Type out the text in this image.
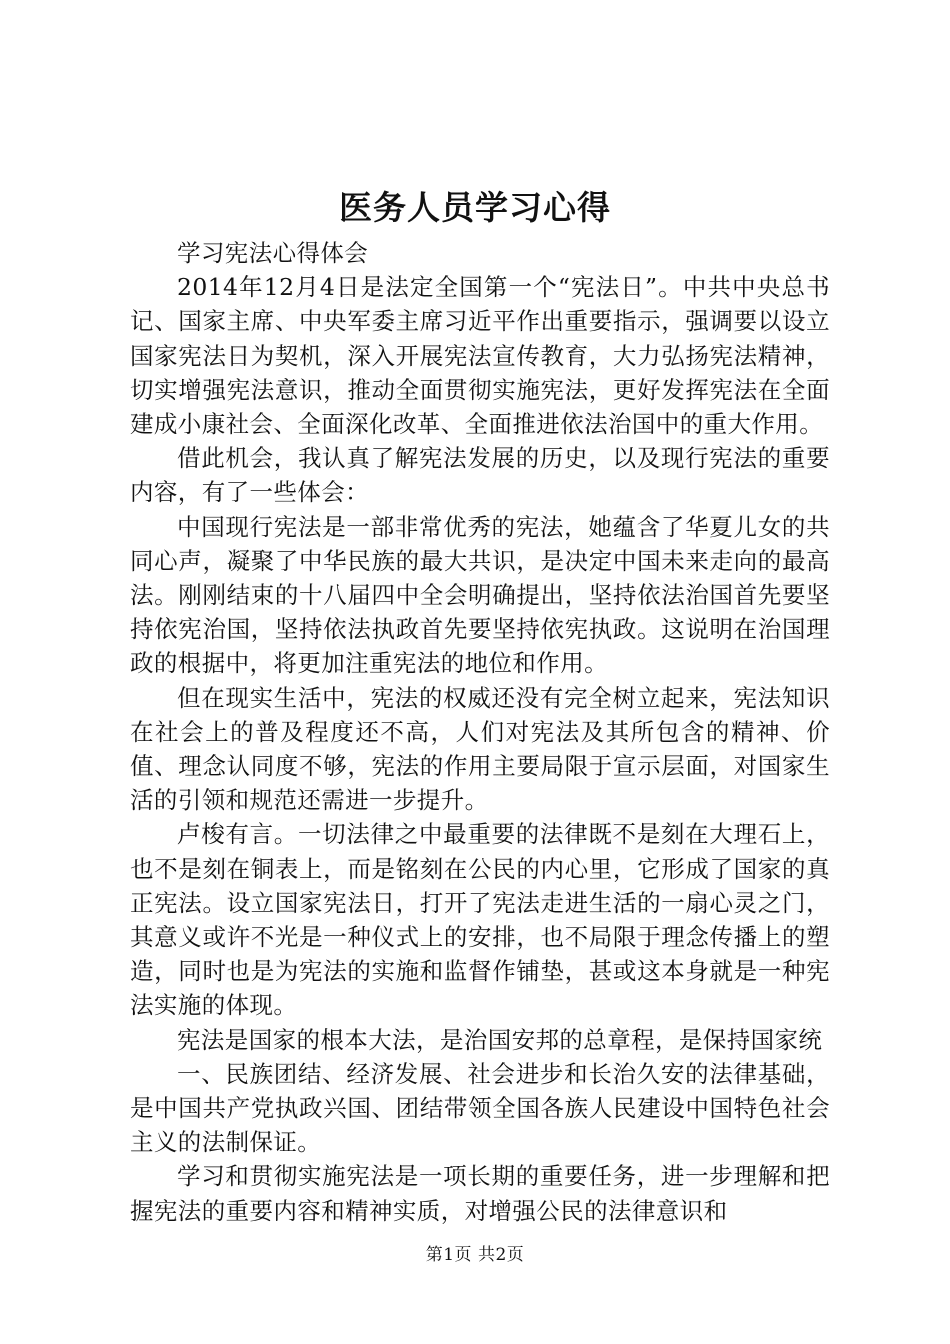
医务人员学习心得

学习宪法心得体会

2014年12月4日是法定全国第一个“宪法日”。中共中央总书记、国家主席、中央军委主席习近平作出重要指示，强调要以设立国家宪法日为契机，深入开展宪法宣传教育，大力弘扬宪法精神，切实增强宪法意识，推动全面贯彻实施宪法，更好发挥宪法在全面建成小康社会、全面深化改革、全面推进依法治国中的重大作用。

借此机会，我认真了解宪法发展的历史，以及现行宪法的重要内容，有了一些体会：

中国现行宪法是一部非常优秀的宪法，她蕴含了华夏儿女的共同心声，凝聚了中华民族的最大共识，是决定中国未来走向的最高法。刚刚结束的十八届四中全会明确提出，坚持依法治国首先要坚持依宪治国，坚持依法执政首先要坚持依宪执政。这说明在治国理政的根据中，将更加注重宪法的地位和作用。

但在现实生活中，宪法的权威还没有完全树立起来，宪法知识在社会上的普及程度还不高，人们对宪法及其所包含的精神、价值、理念认同度不够，宪法的作用主要局限于宣示层面，对国家生活的引领和规范还需进一步提升。

卢梭有言。一切法律之中最重要的法律既不是刻在大理石上，也不是刻在铜表上，而是铭刻在公民的内心里，它形成了国家的真正宪法。设立国家宪法日，打开了宪法走进生活的一扇心灵之门，其意义或许不光是一种仪式上的安排，也不局限于理念传播上的塑造，同时也是为宪法的实施和监督作铺垫，甚或这本身就是一种宪法实施的体现。

宪法是国家的根本大法，是治国安邦的总章程，是保持国家统

一、民族团结、经济发展、社会进步和长治久安的法律基础，是中国共产党执政兴国、团结带领全国各族人民建设中国特色社会主义的法制保证。

学习和贯彻实施宪法是一项长期的重要任务，进一步理解和把握宪法的重要内容和精神实质，对增强公民的法律意识和

第1页 共2页
